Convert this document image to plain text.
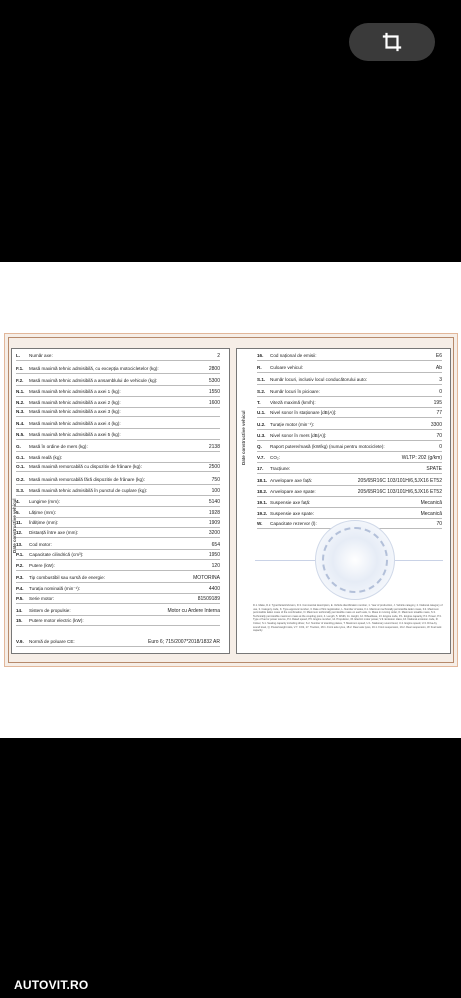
Date constructive vehicul
Date constructive vehicul
L.	Număr axe:	2
F.1.	Masă maximă tehnic admisibilă, cu excepția motocicletelor (kg):	2800
F.2.	Masă maximă tehnic admisibilă a ansamblului de vehicule (kg):	5300
N.1. Masă maximă tehnic admisibilă a axei 1 (kg):	1550
N.2. Masă maximă tehnic admisibilă a axei 2 (kg):	1600
N.3. Masă maximă tehnic admisibilă a axei 3 (kg):
N.4. Masă maximă tehnic admisibilă a axei 4 (kg):
N.5. Masă maximă tehnic admisibilă a axei 5 (kg):
G.	Masă în ordine de mers (kg):	2138
G.1. Masă reală (kg):
O.1. Masă maximă remorcabilă cu dispozitiv de frânare (kg):	2500
O.2. Masă maximă remorcabilă fără dispozitiv de frânare (kg):	750
S.3.	Masă maximă tehnic admisibilă în punctul de cuplare (kg):	100
4.	Lungime (mm):	5140
5.	Lățime (mm):	1928
11.	Înălțime (mm):	1909
12.	Distanță între axe (mm):	3200
13.	Cod motor:	654
P.1.	Capacitate cilindrică (cm³):	1950
P.2.	Putere (kW):	120
P.3.	Tip combustibil sau sursă de energie:	MOTORINA
P.4.	Turația nominală (min⁻¹):	4400
P.5.	Serie motor:	81509189
14.	Sistem de propulsie:	Motor cu Ardere Interna
15.	Putere motor electric (kW):
V.9.	Normă de poluare CE:	Euro 6; 715/2007*2018/1832 AR
16.	Cod național de emisii:	E6
R.	Culoare vehicul:	Ab
S.1.	Număr locuri, inclusiv locul conducătorului auto:	3
S.2.	Număr locuri în picioare:	0
T.	Viteză maximă (km/h):	195
U.1. Nivel sonor în staționare [dB(A)]:	77
U.2. Turație motor (min⁻¹):	3300
U.3. Nivel sonor în mers [dB(A)]:	70
Q.	Raport putere/masă (kW/kg) (numai pentru motociclete):	0
V.7.	CO₂:	WLTP: 202 (g/km)
17.	Tracțiune:	SPATE
18.1. Anvelopare axe față:	205/65R16C 103/101H/6,5JX16 ET52
18.2. Anvelopare axe spate:	205/65R16C 103/101H/6,5JX16 ET52
19.1. Suspensie axe față:	Mecanică
19.2. Suspensie axe spate:	Mecanică
W.	Capacitate rezervor (l):	70
D.1. Make, D.2. Type/Variant/Version, D.3. Commercial description, E. Vehicle identification number, 1. Year of production, J. Vehicle category, 2. National category of use, 3. Category code, K. Type-approval number, 3. Date of first registration, L. Number of axles, F.1. Maximum technically permissible laden mass, F.2. Maximum permissible laden mass of the combination, N. Maximum technically permissible mass on each axle, G. Mass in running order, O. Maximum towable mass, S.3. Technically permissible maximum mass at the coupling point, 4. Length, 5. Width, 11. Height, 12. Wheelbase, 13. Engine code, P.1. Engine capacity, P.2. Power, P.3. Type of fuel or power source, P.4. Rated speed, P.5. Engine number, 14. Propulsion, 15. Electric motor power, V.9. Emission class, 16. National emission code, R. Colour, S.1. Seating capacity including driver, S.2. Number of standing places, T. Maximum speed, U.1. Stationary sound level, U.2. Engine speed, U.3. Drive-by sound level, Q. Power/weight ratio, V.7. CO2, 17. Traction, 18.1. Front axle tyres, 18.2. Rear axle tyres, 19.1. Front suspension, 19.2. Rear suspension, W. Fuel tank capacity
AUTOVIT.RO
